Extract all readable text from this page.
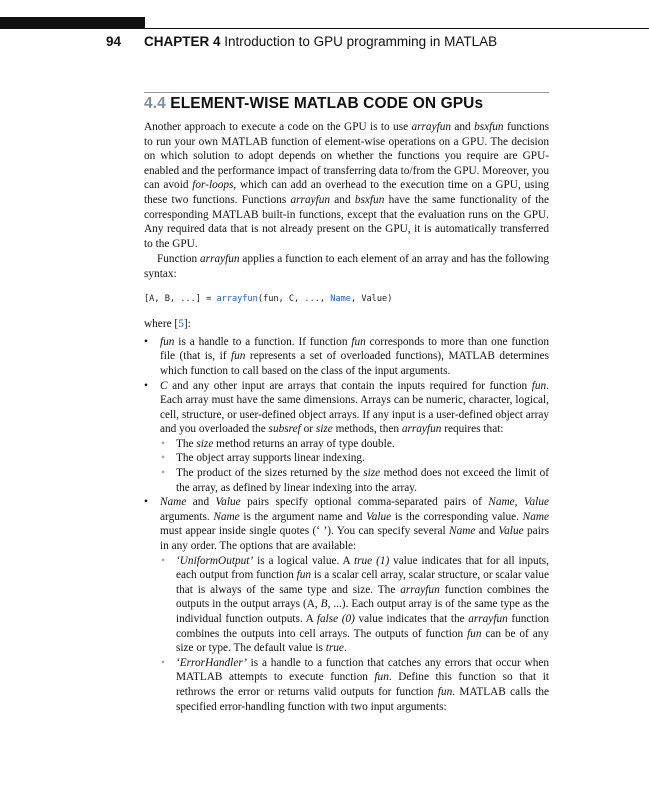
94 CHAPTER 4 Introduction to GPU programming in MATLAB
4.4 ELEMENT-WISE MATLAB CODE ON GPUs

Another approach to execute a code on the GPU is to use arrayfun and bsxfun functions to run your own MATLAB function of element-wise operations on a GPU. The decision on which solution to adopt depends on whether the functions you require are GPU-enabled and the performance impact of transferring data to/from the GPU. Moreover, you can avoid for-loops, which can add an overhead to the execution time on a GPU, using these two functions. Functions arrayfun and bsxfun have the same functionality of the corresponding MATLAB built-in functions, except that the evaluation runs on the GPU. Any required data that is not already present on the GPU, it is automatically transferred to the GPU.

Function arrayfun applies a function to each element of an array and has the following syntax:

[A, B, ...] = arrayfun(fun, C, ..., Name, Value)

where [5]:

• fun is a handle to a function. If function fun corresponds to more than one function file (that is, if fun represents a set of overloaded functions), MATLAB determines which function to call based on the class of the input arguments.
• C and any other input are arrays that contain the inputs required for function fun. Each array must have the same dimensions. Arrays can be numeric, character, logical, cell, structure, or user-defined object arrays. If any input is a user-defined object array and you overloaded the subsref or size methods, then arrayfun requires that:
• The size method returns an array of type double.
• The object array supports linear indexing.
• The product of the sizes returned by the size method does not exceed the limit of the array, as defined by linear indexing into the array.
• Name and Value pairs specify optional comma-separated pairs of Name, Value arguments. Name is the argument name and Value is the corresponding value. Name must appear inside single quotes (‘ ’). You can specify several Name and Value pairs in any order. The options that are available:
• ‘UniformOutput’ is a logical value. A true (1) value indicates that for all inputs, each output from function fun is a scalar cell array, scalar structure, or scalar value that is always of the same type and size. The arrayfun function combines the outputs in the output arrays (A, B, ...). Each output array is of the same type as the individual function outputs. A false (0) value indicates that the arrayfun function combines the outputs into cell arrays. The outputs of function fun can be of any size or type. The default value is true.
• ‘ErrorHandler’ is a handle to a function that catches any errors that occur when MATLAB attempts to execute function fun. Define this function so that it rethrows the error or returns valid outputs for function fun. MATLAB calls the specified error-handling function with two input arguments:
